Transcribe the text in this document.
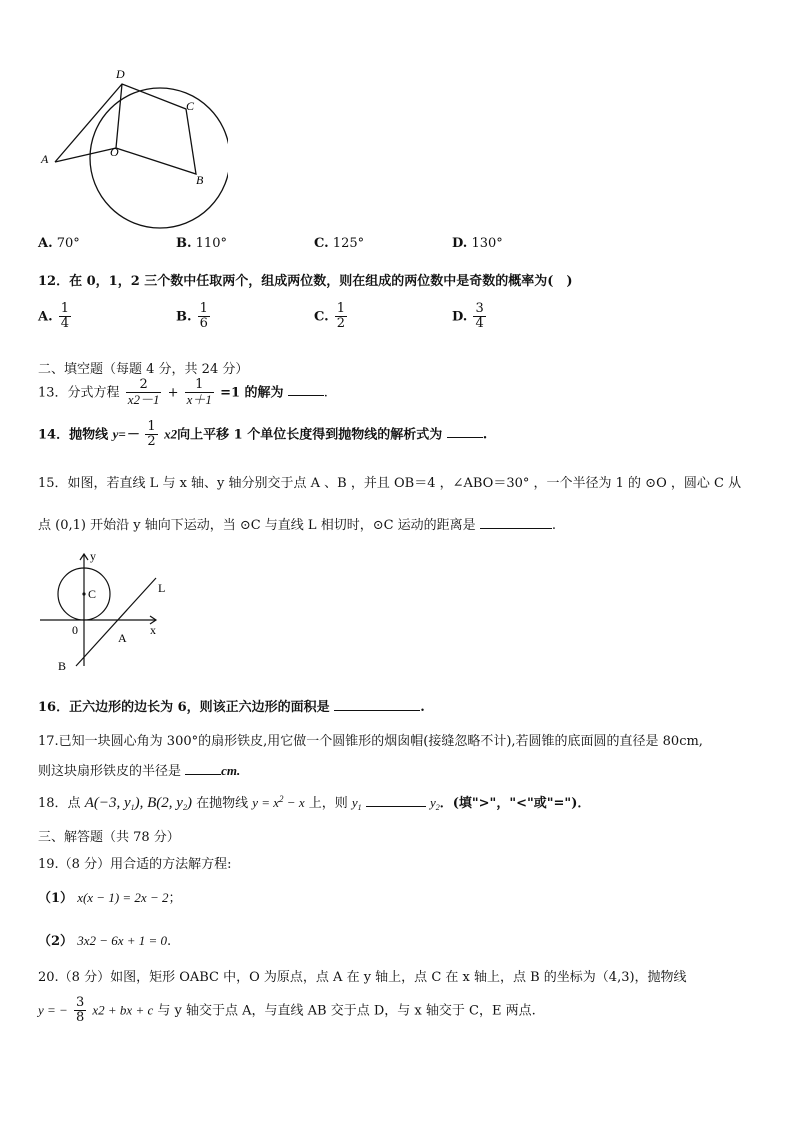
D
C
A	O
B
A. 70°	B. 110°	C. 125°	D. 130°
12．在 0，1，2 三个数中任取两个，组成两位数，则在组成的两位数中是奇数的概率为(　)
A. $\frac{1}{4}$	B. $\frac{1}{6}$	C. $\frac{1}{2}$	D. $\frac{3}{4}$
二、填空题（每题 4 分，共 24 分）
13．分式方程 $\frac{2}{x2-1} + \frac{1}{x+1} =1$ 的解为	.
14．抛物线 $y=- \frac{1}{2} x2$向上平移 1 个单位长度得到抛物线的解析式为	.
15．如图，若直线 L 与 x 轴、y 轴分别交于点 A 、B ，并且 OB＝4 ，∠ABO＝30° ，一个半径为 1 的 ⊙O ，圆心 C 从
点 (0,1) 开始沿 y 轴向下运动，当 ⊙C 与直线 L 相切时，⊙C 运动的距离是	.
y
L
C
0
A
x
B
16．正六边形的边长为 6，则该正六边形的面积是	.
17.已知一块圆心角为 300°的扇形铁皮,用它做一个圆锥形的烟囱帽(接缝忽略不计),若圆锥的底面圆的直径是 80cm,
则这块扇形铁皮的半径是	cm.
18．点 A(−3, $y_1$), B(2, $y_2$) 在抛物线 $y = x^2 - x$ 上，则 $y_1$	$y_2$．(填">"，"<"或"=")．
三、解答题（共 78 分）
19.（8 分）用合适的方法解方程:
（1） x(x − 1) = 2x − 2；
（2） 3x2 − 6x + 1 = 0.
20.（8 分）如图，矩形 OABC 中，O 为原点，点 A 在 y 轴上，点 C 在 x 轴上，点 B 的坐标为（4,3)，抛物线
y = − $\frac{3}{8} x2$ + bx + c 与 y 轴交于点 A，与直线 AB 交于点 D，与 x 轴交于 C，E 两点.
